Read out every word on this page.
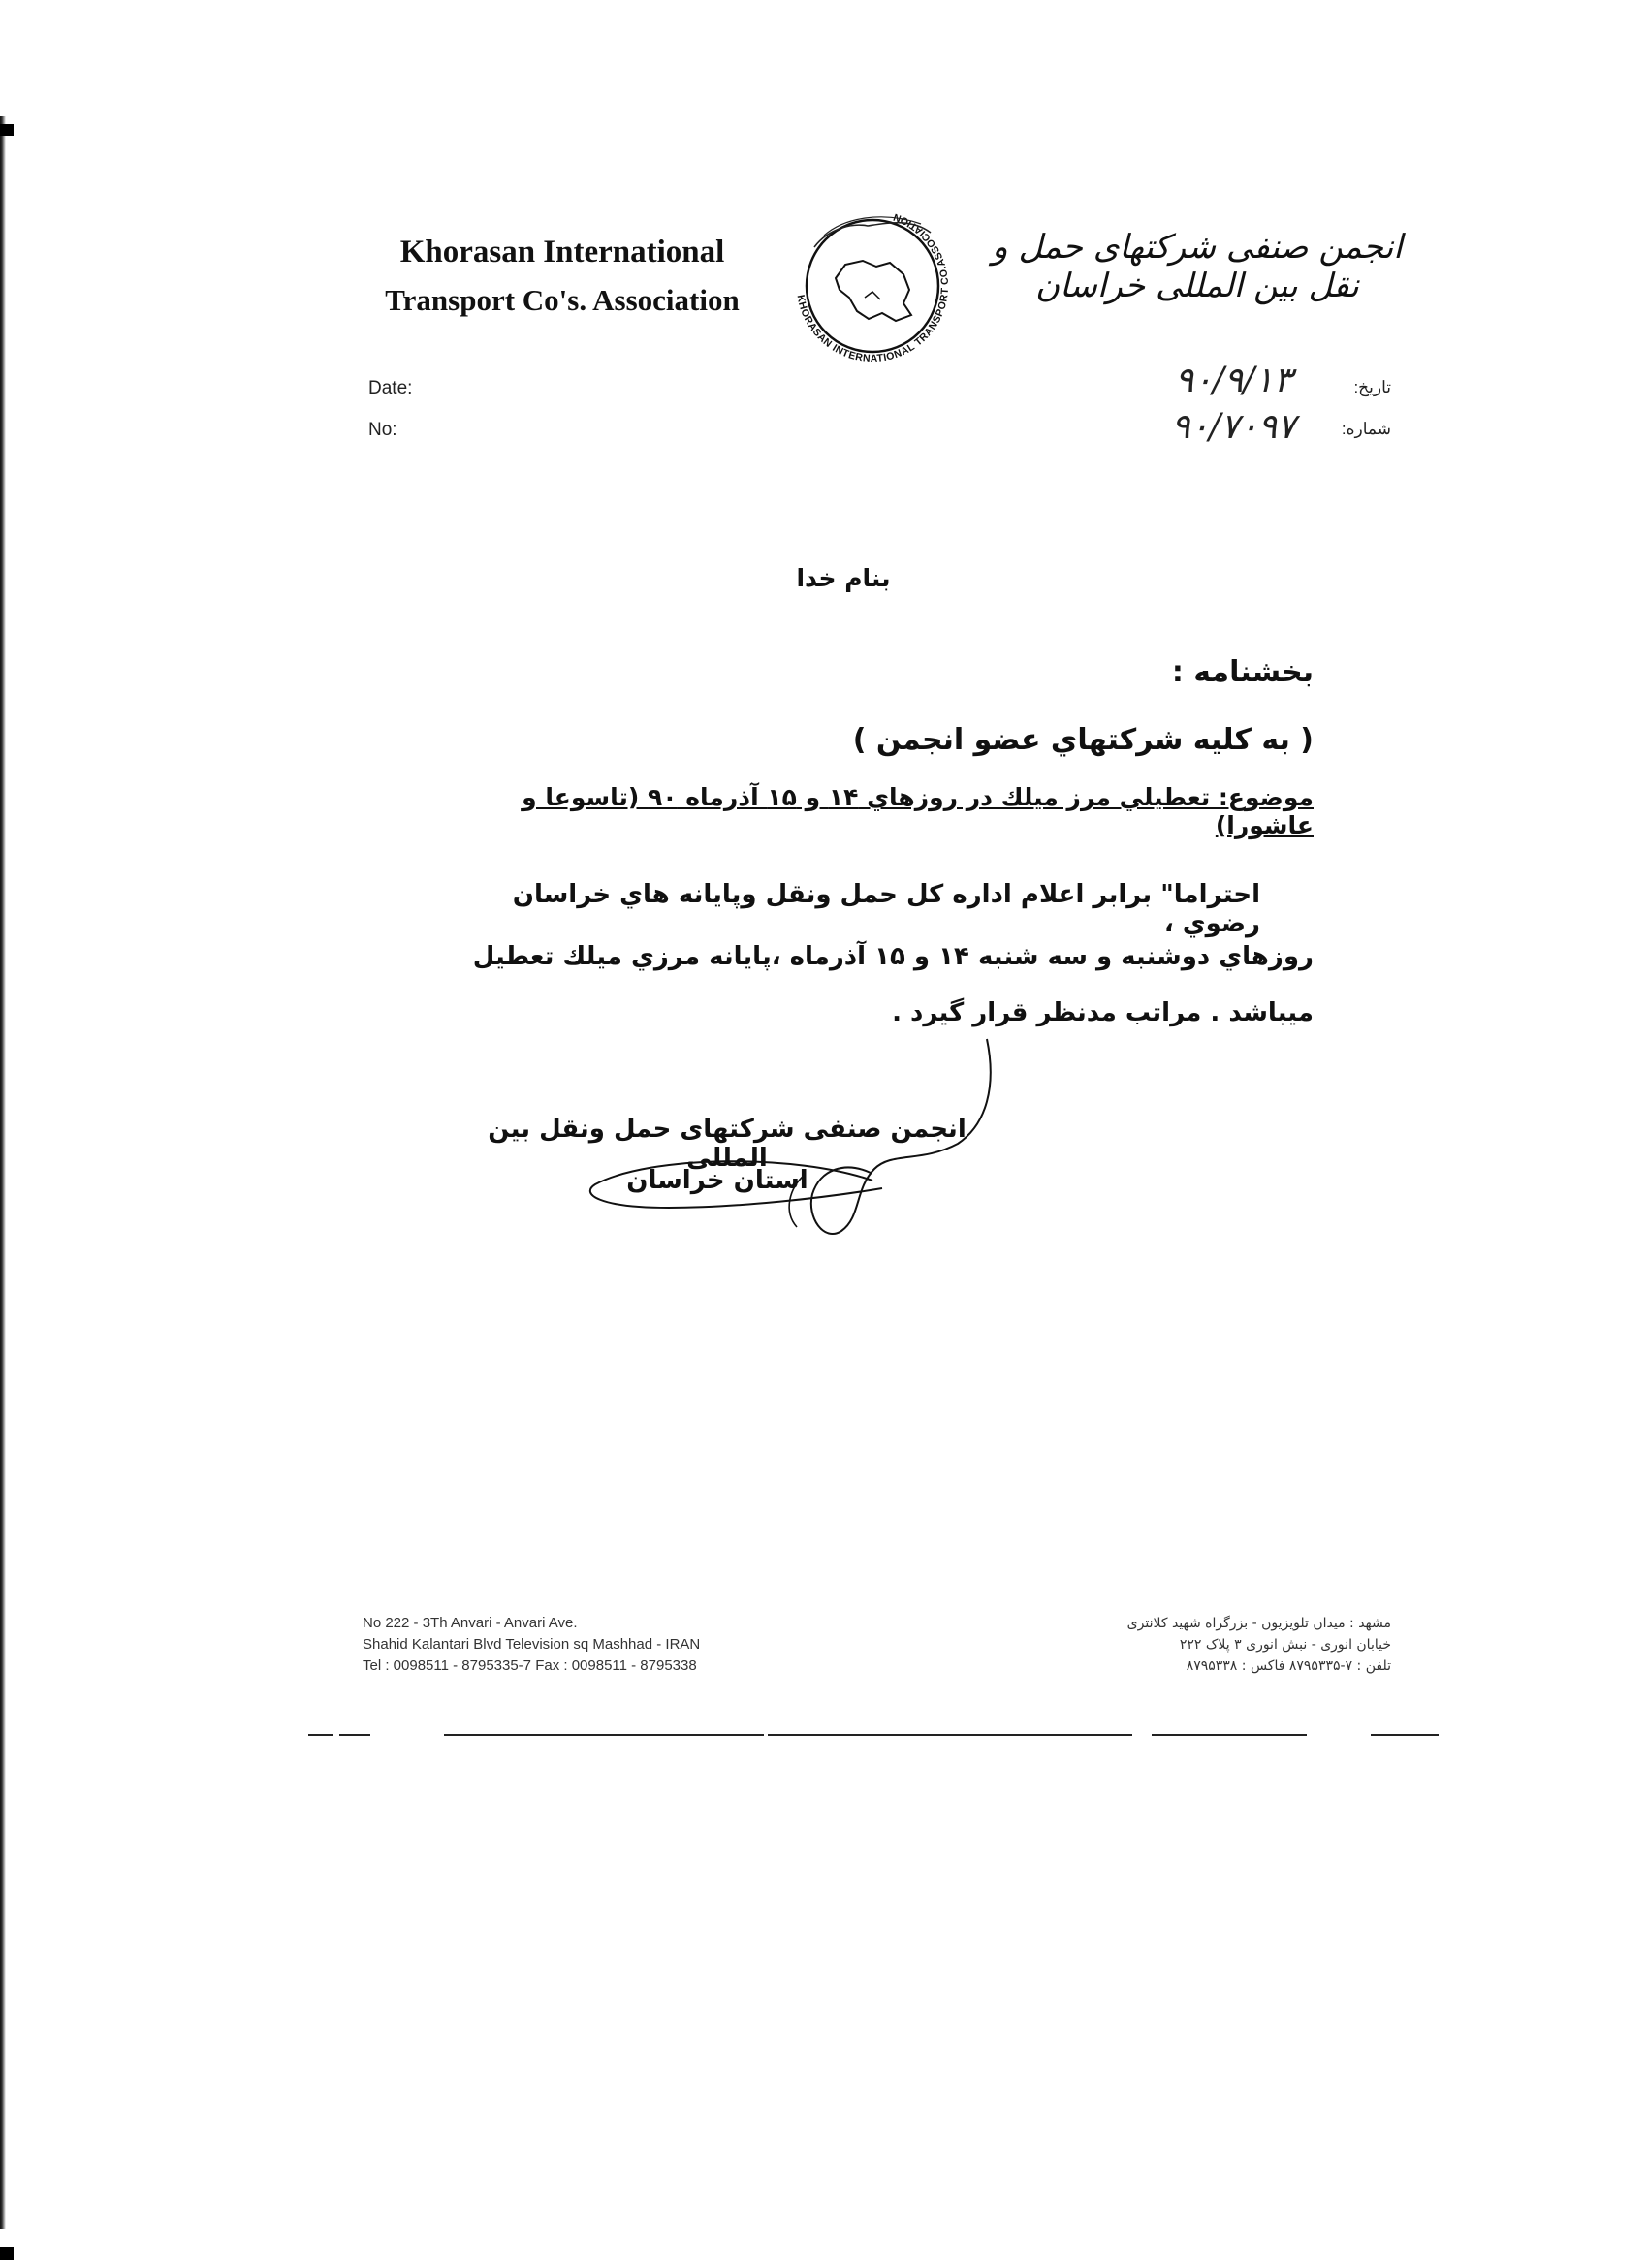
Khorasan International
Transport Co's. Association	KHORASAN INTERNATIONAL TRANSPORT CO.ASSOCIATION
انجمن صنفی شرکتهای حمل و نقل بین المللی خراسان
Date:
No:
تاريخ:
شماره:
۹۰/۹/۱۳
۹۰/۷۰۹۷
بنام خدا
بخشنامه :
( به كليه شركتهاي عضو انجمن )
موضوع: تعطيلي مرز ميلك در روزهاي ۱۴ و ۱۵ آذرماه ۹۰ (تاسوعا و عاشورا)
احتراما" برابر اعلام اداره كل حمل ونقل وپايانه هاي خراسان رضوي ،
روزهاي دوشنبه و سه شنبه ۱۴ و ۱۵ آذرماه ،پايانه مرزي ميلك تعطيل
ميباشد . مراتب مدنظر قرار گيرد .
انجمن صنفی شرکتهای حمل ونقل بین المللی
استان خراسان
No 222 - 3Th Anvari - Anvari Ave.
Shahid Kalantari Blvd Television sq Mashhad - IRAN
Tel : 0098511 - 8795335-7 Fax : 0098511 - 8795338
مشهد : میدان تلویزیون - بزرگراه شهید کلانتری
خیابان انوری - نبش انوری ۳ پلاک ۲۲۲
تلفن : ۷-۸۷۹۵۳۳۵ فاکس : ۸۷۹۵۳۳۸
